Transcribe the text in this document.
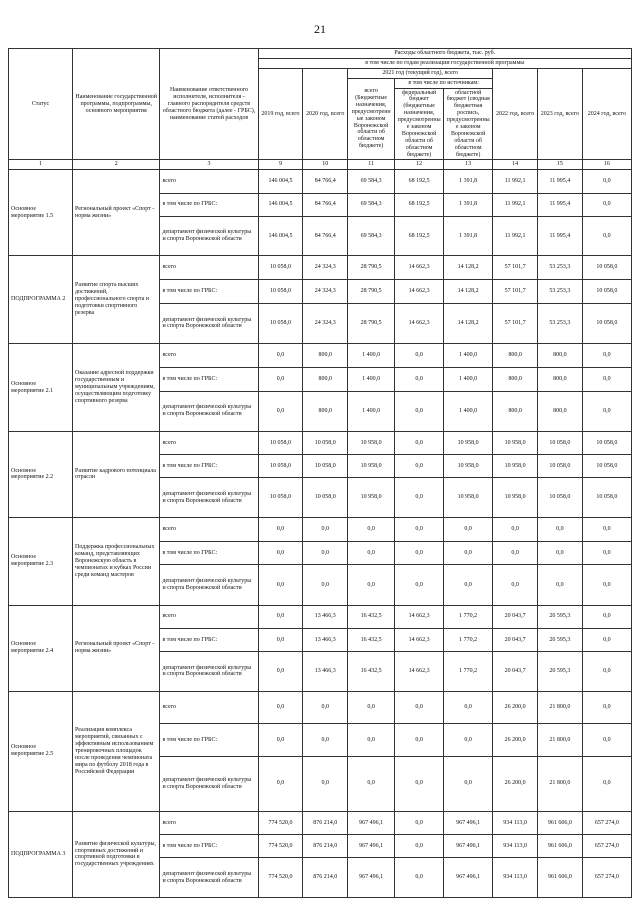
21
Статус	Наименование государственной программы, подпрограммы, основного мероприятия	Наименование ответственного исполнителя, исполнителя - главного распорядителя средств областного бюджета (далее - ГРБС), наименование статей расходов	Расходы областного бюджета, тыс. руб.							
			в том числе по годам реализации государственной программы							
			2019 год, всего	2020 год, всего	2021 год (текущий год), всего			2022 год, всего	2023 год, всего	2024 год, всего
					всего (Бюджетные назначения, предусмотренные законом Воронежской области об областном бюджете)	в том числе по источникам:				
						федеральный бюджет (бюджетные назначения, предусмотренные законом Воронежской области об областном бюджете)	областной бюджет (сводная бюджетная роспись, предусмотренные законом Воронежской области об областном бюджете)			
1	2	3	9	10	11	12	13	14	15	16
Основное мероприятие 1.5	Региональный проект «Спорт - норма жизни»	всего	146 004,5	84 766,4	69 584,3	68 192,5	1 391,8	11 992,1	11 995,4	0,0
		в том числе по ГРБС:	146 004,5	84 766,4	69 584,3	68 192,5	1 391,8	11 992,1	11 995,4	0,0
		департамент физической культуры и спорта Воронежской области	146 004,5	84 766,4	69 584,3	68 192,5	1 391,8	11 992,1	11 995,4	0,0
ПОДПРОГРАММА 2	Развитие спорта высших достижений, профессионального спорта и подготовки спортивного резерва	всего	10 058,0	24 324,3	28 790,5	14 662,3	14 128,2	57 101,7	53 253,3	10 058,0
		в том числе по ГРБС:	10 058,0	24 324,3	28 790,5	14 662,3	14 128,2	57 101,7	53 253,3	10 058,0
		департамент физической культуры и спорта Воронежской области	10 058,0	24 324,3	28 790,5	14 662,3	14 128,2	57 101,7	53 253,3	10 058,0
Основное мероприятие 2.1	Оказание адресной поддержки государственным и муниципальным учреждениям, осуществляющим подготовку спортивного резерва	всего	0,0	800,0	1 400,0	0,0	1 400,0	800,0	800,0	0,0
		в том числе по ГРБС:	0,0	800,0	1 400,0	0,0	1 400,0	800,0	800,0	0,0
		департамент физической культуры и спорта Воронежской области	0,0	800,0	1 400,0	0,0	1 400,0	800,0	800,0	0,0
Основное мероприятие 2.2	Развитие кадрового потенциала отрасли	всего	10 058,0	10 058,0	10 958,0	0,0	10 958,0	10 958,0	10 058,0	10 058,0
		в том числе по ГРБС:	10 058,0	10 058,0	10 958,0	0,0	10 958,0	10 958,0	10 058,0	10 058,0
		департамент физической культуры и спорта Воронежской области	10 058,0	10 058,0	10 958,0	0,0	10 958,0	10 958,0	10 058,0	10 058,0
Основное мероприятие 2.3	Поддержка профессиональных команд, представляющих Воронежскую область в чемпионатах и кубках России среди команд мастеров	всего	0,0	0,0	0,0	0,0	0,0	0,0	0,0	0,0
		в том числе по ГРБС:	0,0	0,0	0,0	0,0	0,0	0,0	0,0	0,0
		департамент физической культуры и спорта Воронежской области	0,0	0,0	0,0	0,0	0,0	0,0	0,0	0,0
Основное мероприятие 2.4	Региональный проект «Спорт - норма жизни»	всего	0,0	13 466,3	16 432,5	14 662,3	1 770,2	20 043,7	20 595,3	0,0
		в том числе по ГРБС:	0,0	13 466,3	16 432,5	14 662,3	1 770,2	20 043,7	20 595,3	0,0
		департамент физической культуры и спорта Воронежской области	0,0	13 466,3	16 432,5	14 662,3	1 770,2	20 043,7	20 595,3	0,0
Основное мероприятие 2.5	Реализация комплекса мероприятий, связанных с эффективным использованием тренировочных площадок после проведения чемпионата мира по футболу 2018 года в Российской Федерации	всего	0,0	0,0	0,0	0,0	0,0	26 200,0	21 800,0	0,0
		в том числе по ГРБС:	0,0	0,0	0,0	0,0	0,0	26 200,0	21 800,0	0,0
		департамент физической культуры и спорта Воронежской области	0,0	0,0	0,0	0,0	0,0	26 200,0	21 800,0	0,0
ПОДПРОГРАММА 3	Развитие физической культуры, спортивных достижений и спортивной подготовки в государственных учреждениях	всего	774 520,0	876 214,0	967 496,1	0,0	967 496,1	934 113,0	961 606,0	657 274,0
		в том числе по ГРБС:	774 520,0	876 214,0	967 496,1	0,0	967 496,1	934 113,0	961 606,0	657 274,0
		департамент физической культуры и спорта Воронежской области	774 520,0	876 214,0	967 496,1	0,0	967 496,1	934 113,0	961 606,0	657 274,0
